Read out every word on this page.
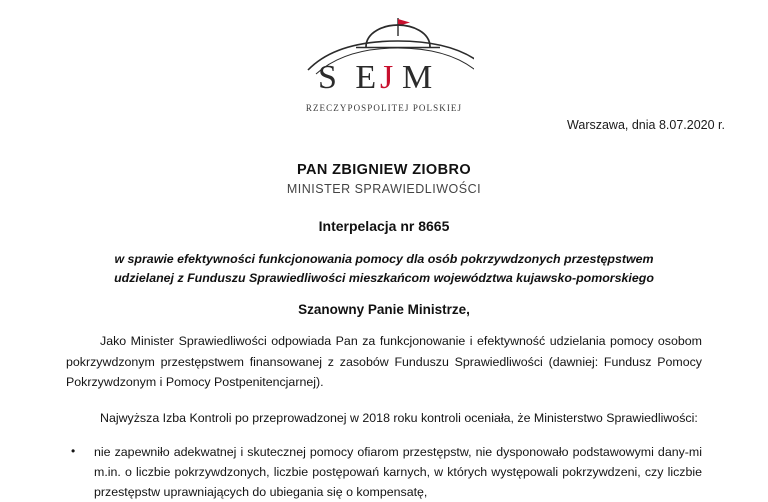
S E
J M
RZECZYPOSPOLITEJ POLSKIEJ
Warszawa, dnia 8.07.2020 r.
PAN ZBIGNIEW ZIOBRO
MINISTER SPRAWIEDLIWOŚCI
Interpelacja nr 8665
w sprawie efektywności funkcjonowania pomocy dla osób pokrzywdzonych przestępstwem
udzielanej z Funduszu Sprawiedliwości mieszkańcom województwa kujawsko-pomorskiego
Szanowny Panie Ministrze,

Jako Minister Sprawiedliwości odpowiada Pan za funkcjonowanie i efektywność udzielania pomocy osobom pokrzywdzonym przestępstwem finansowanej z zasobów Funduszu Sprawiedliwości (dawniej: Fundusz Pomocy Pokrzywdzonym i Pomocy Postpenitencjarnej).

Najwyższa Izba Kontroli po przeprowadzonej w 2018 roku kontroli oceniała, że Ministerstwo Sprawiedliwości:

• nie zapewniło adekwatnej i skutecznej pomocy ofiarom przestępstw, nie dysponowało podstawowymi dany-mi m.in. o liczbie pokrzywdzonych, liczbie postępowań karnych, w których występowali pokrzywdzeni, czy liczbie przestępstw uprawniających do ubiegania się o kompensatę,
